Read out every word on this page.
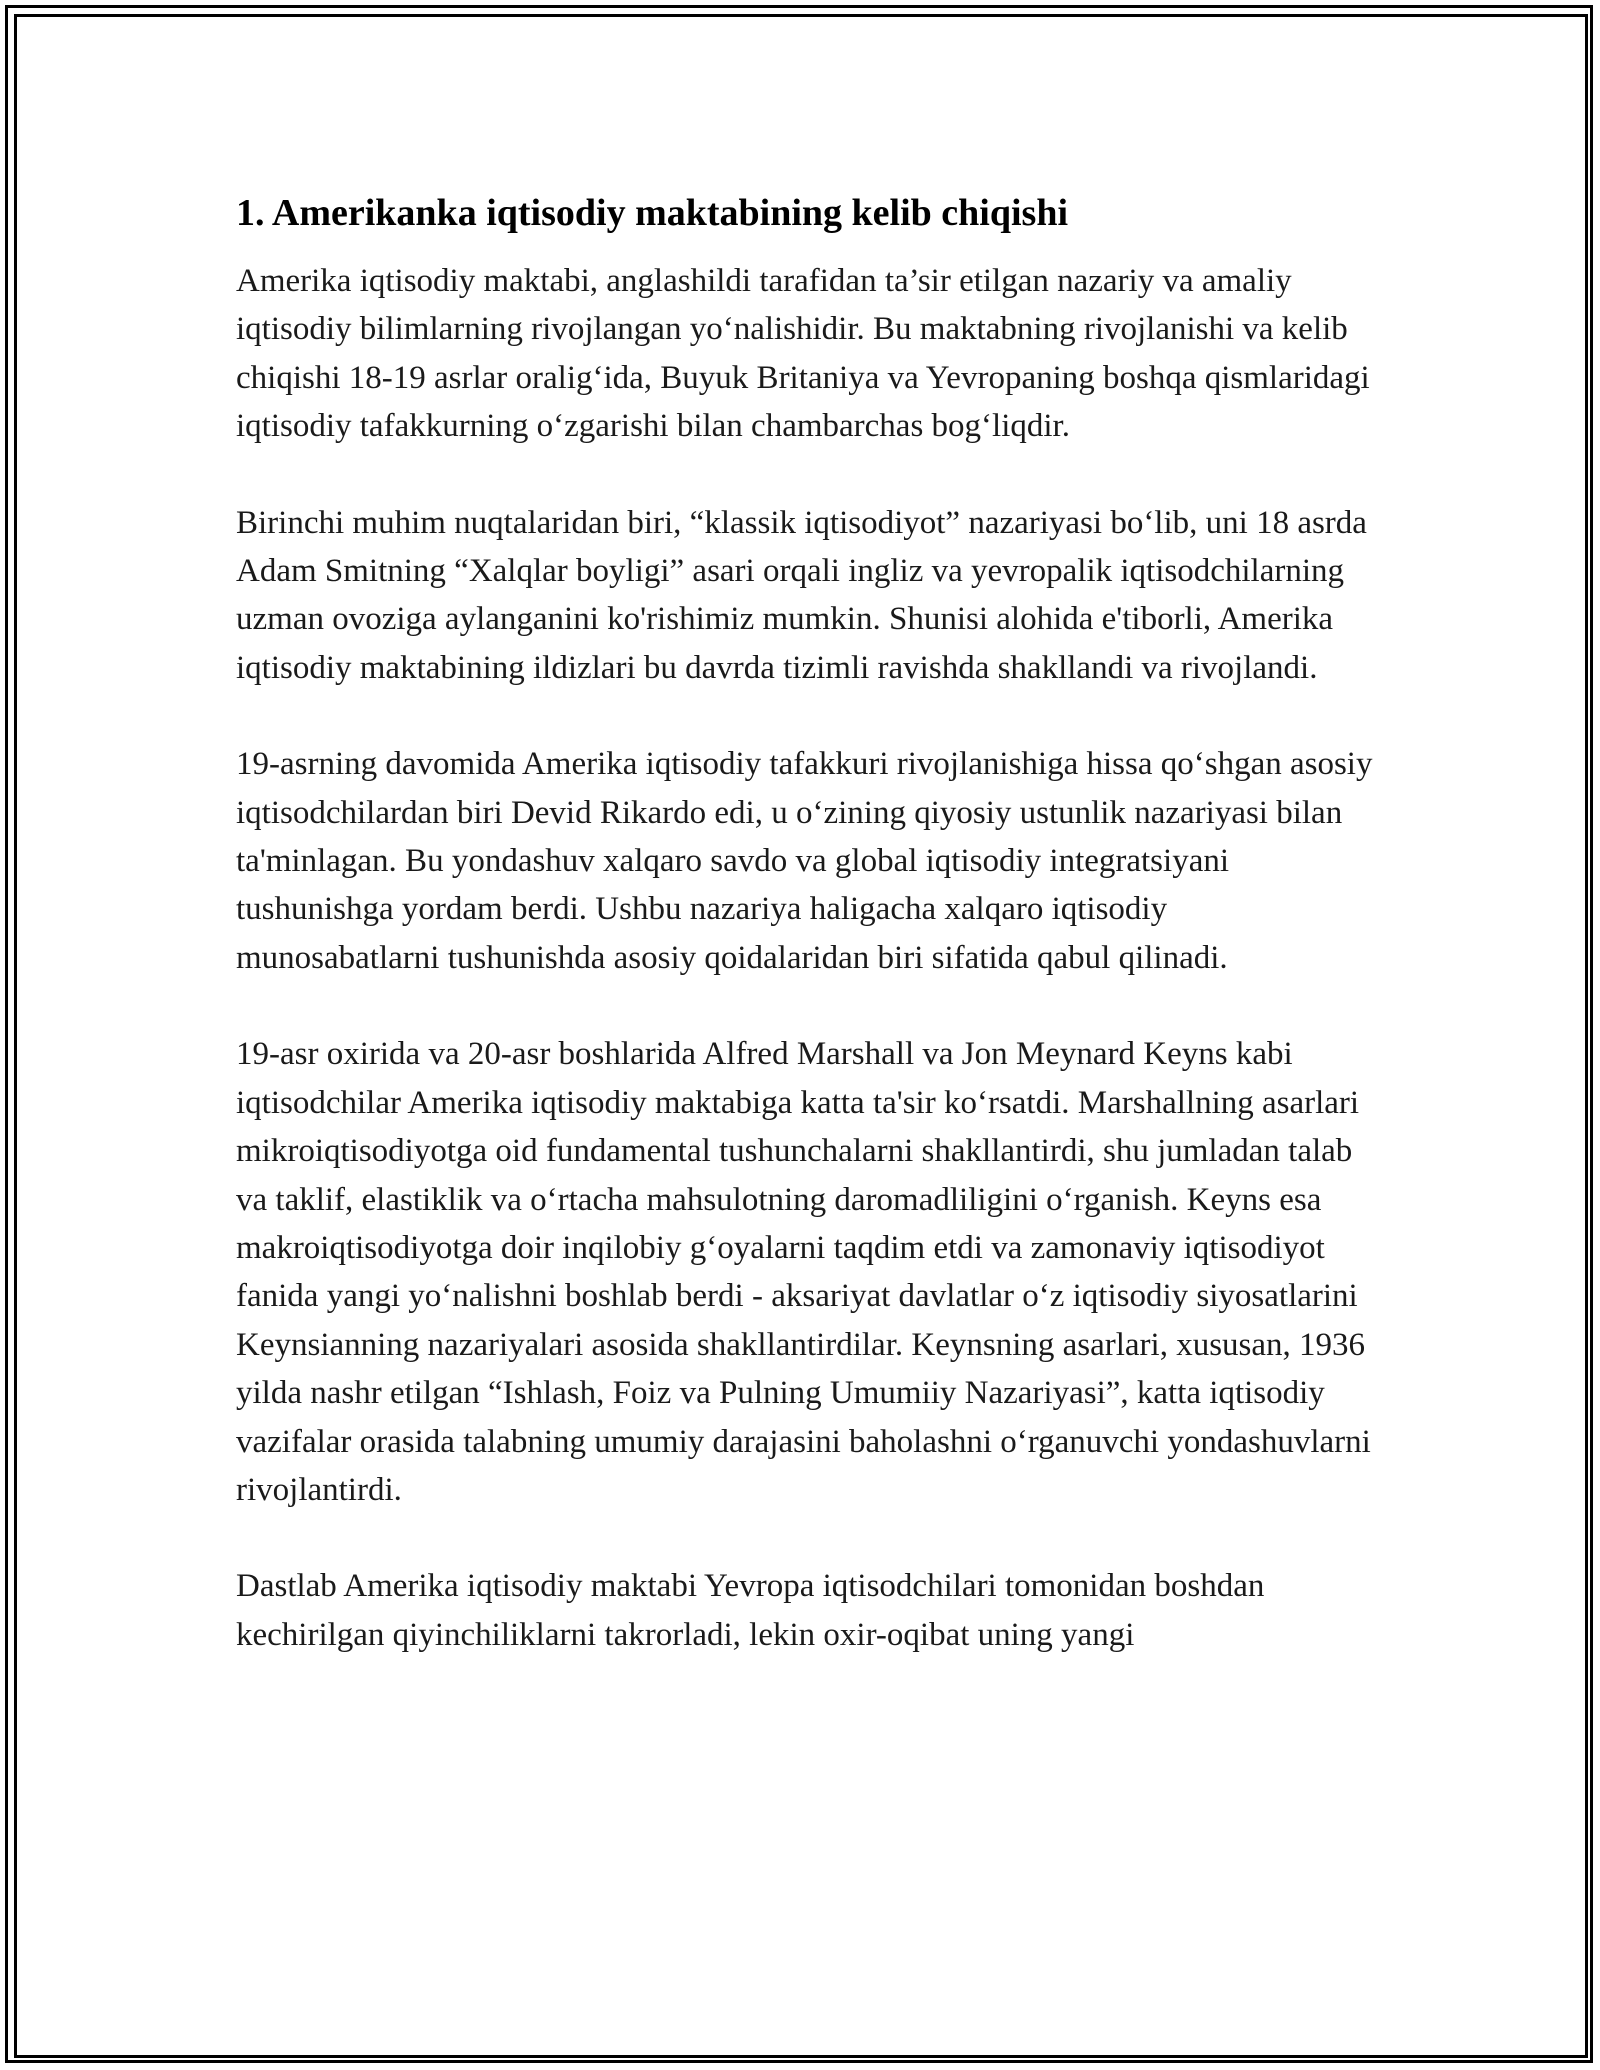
1. Amerikanka iqtisodiy maktabining kelib chiqishi

Amerika iqtisodiy maktabi, anglashildi tarafidan ta’sir etilgan nazariy va amaliy iqtisodiy bilimlarning rivojlangan yo‘nalishidir. Bu maktabning rivojlanishi va kelib chiqishi 18-19 asrlar oralig‘ida, Buyuk Britaniya va Yevropaning boshqa qismlaridagi iqtisodiy tafakkurning o‘zgarishi bilan chambarchas bog‘liqdir.

Birinchi muhim nuqtalaridan biri, “klassik iqtisodiyot” nazariyasi bo‘lib, uni 18 asrda Adam Smitning “Xalqlar boyligi” asari orqali ingliz va yevropalik iqtisodchilarning uzman ovoziga aylanganini ko'rishimiz mumkin. Shunisi alohida e'tiborli, Amerika iqtisodiy maktabining ildizlari bu davrda tizimli ravishda shakllandi va rivojlandi.

19-asrning davomida Amerika iqtisodiy tafakkuri rivojlanishiga hissa qo‘shgan asosiy iqtisodchilardan biri Devid Rikardo edi, u o‘zining qiyosiy ustunlik nazariyasi bilan ta'minlagan. Bu yondashuv xalqaro savdo va global iqtisodiy integratsiyani tushunishga yordam berdi. Ushbu nazariya haligacha xalqaro iqtisodiy munosabatlarni tushunishda asosiy qoidalaridan biri sifatida qabul qilinadi.

19-asr oxirida va 20-asr boshlarida Alfred Marshall va Jon Meynard Keyns kabi iqtisodchilar Amerika iqtisodiy maktabiga katta ta'sir ko‘rsatdi. Marshallning asarlari mikroiqtisodiyotga oid fundamental tushunchalarni shakllantirdi, shu jumladan talab va taklif, elastiklik va o‘rtacha mahsulotning daromadliligini o‘rganish. Keyns esa makroiqtisodiyotga doir inqilobiy g‘oyalarni taqdim etdi va zamonaviy iqtisodiyot fanida yangi yo‘nalishni boshlab berdi - aksariyat davlatlar o‘z iqtisodiy siyosatlarini Keynsianning nazariyalari asosida shakllantirdilar. Keynsning asarlari, xususan, 1936 yilda nashr etilgan “Ishlash, Foiz va Pulning Umumiiy Nazariyasi”, katta iqtisodiy vazifalar orasida talabning umumiy darajasini baholashni o‘rganuvchi yondashuvlarni rivojlantirdi.

Dastlab Amerika iqtisodiy maktabi Yevropa iqtisodchilari tomonidan boshdan kechirilgan qiyinchiliklarni takrorladi, lekin oxir-oqibat uning yangi
